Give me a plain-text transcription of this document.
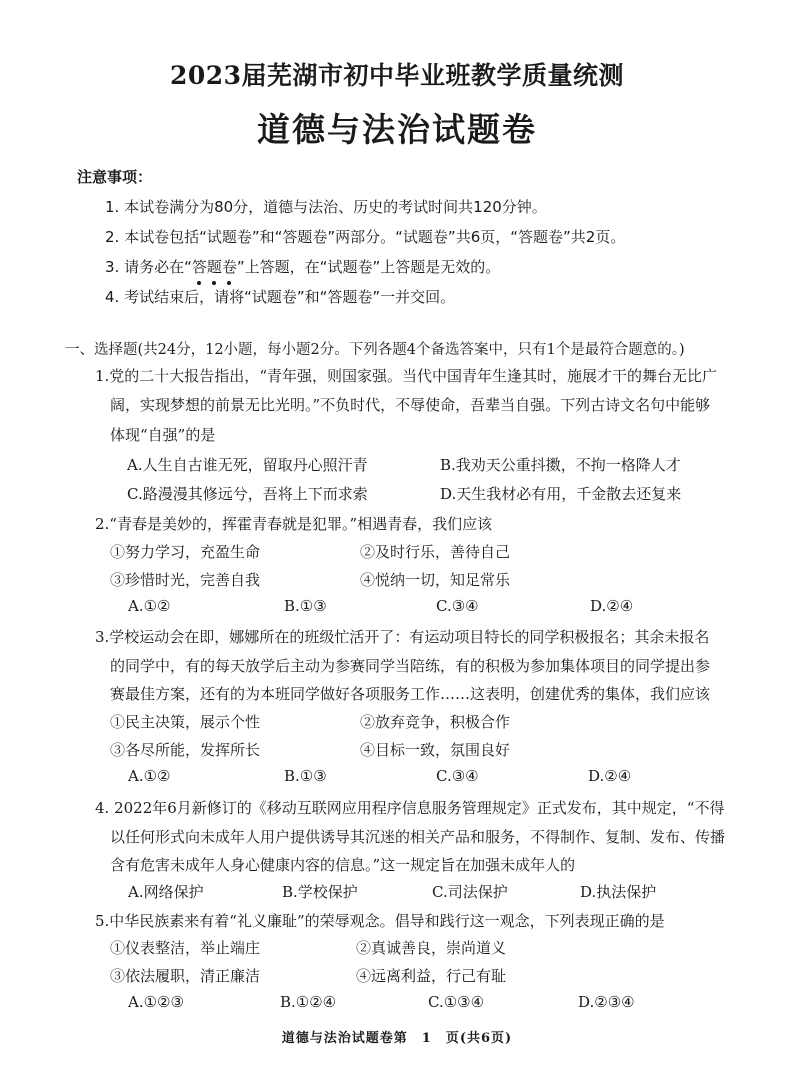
2023届芜湖市初中毕业班教学质量统测
道德与法治试题卷
注意事项：
1. 本试卷满分为80分，道德与法治、历史的考试时间共120分钟。
2. 本试卷包括“试题卷”和“答题卷”两部分。“试题卷”共6页，“答题卷”共2页。
3. 请务必在“答
题
卷
”上答题，在“试题卷”上答题是无效的。
4. 考试结束后，请将“试题卷”和“答题卷”一并交回。
一、选择题(共24分，12小题，每小题2分。下列各题4个备选答案中，只有1个是最符合题意的。)
1.党的二十大报告指出，“青年强，则国家强。当代中国青年生逢其时，施展才干的舞台无比广
阔，实现梦想的前景无比光明。”不负时代，不辱使命，吾辈当自强。下列古诗文名句中能够
体现“自强”的是
A.人生自古谁无死，留取丹心照汗青	B.我劝天公重抖擞，不拘一格降人才
C.路漫漫其修远兮，吾将上下而求索	D.天生我材必有用，千金散去还复来
2.“青春是美妙的，挥霍青春就是犯罪。”相遇青春，我们应该
①努力学习，充盈生命	②及时行乐，善待自己
③珍惜时光，完善自我	④悦纳一切，知足常乐
A.①②	B.①③	C.③④	D.②④
3.学校运动会在即，娜娜所在的班级忙活开了：有运动项目特长的同学积极报名；其余未报名
的同学中，有的每天放学后主动为参赛同学当陪练，有的积极为参加集体项目的同学提出参
赛最佳方案，还有的为本班同学做好各项服务工作……这表明，创建优秀的集体，我们应该
①民主决策，展示个性	②放弃竞争，积极合作
③各尽所能，发挥所长	④目标一致，氛围良好
A.①②	B.①③	C.③④	D.②④
4. 2022年6月新修订的《移动互联网应用程序信息服务管理规定》正式发布，其中规定，“不得
以任何形式向未成年人用户提供诱导其沉迷的相关产品和服务，不得制作、复制、发布、传播
含有危害未成年人身心健康内容的信息。”这一规定旨在加强未成年人的
A.网络保护	B.学校保护	C.司法保护	D.执法保护
5.中华民族素来有着“礼义廉耻”的荣辱观念。倡导和践行这一观念，下列表现正确的是
①仪表整洁，举止端庄	②真诚善良，崇尚道义
③依法履职，清正廉洁	④远离利益，行己有耻
A.①②③	B.①②④	C.①③④	D.②③④
道德与法治试题卷第　1　页(共6页)
